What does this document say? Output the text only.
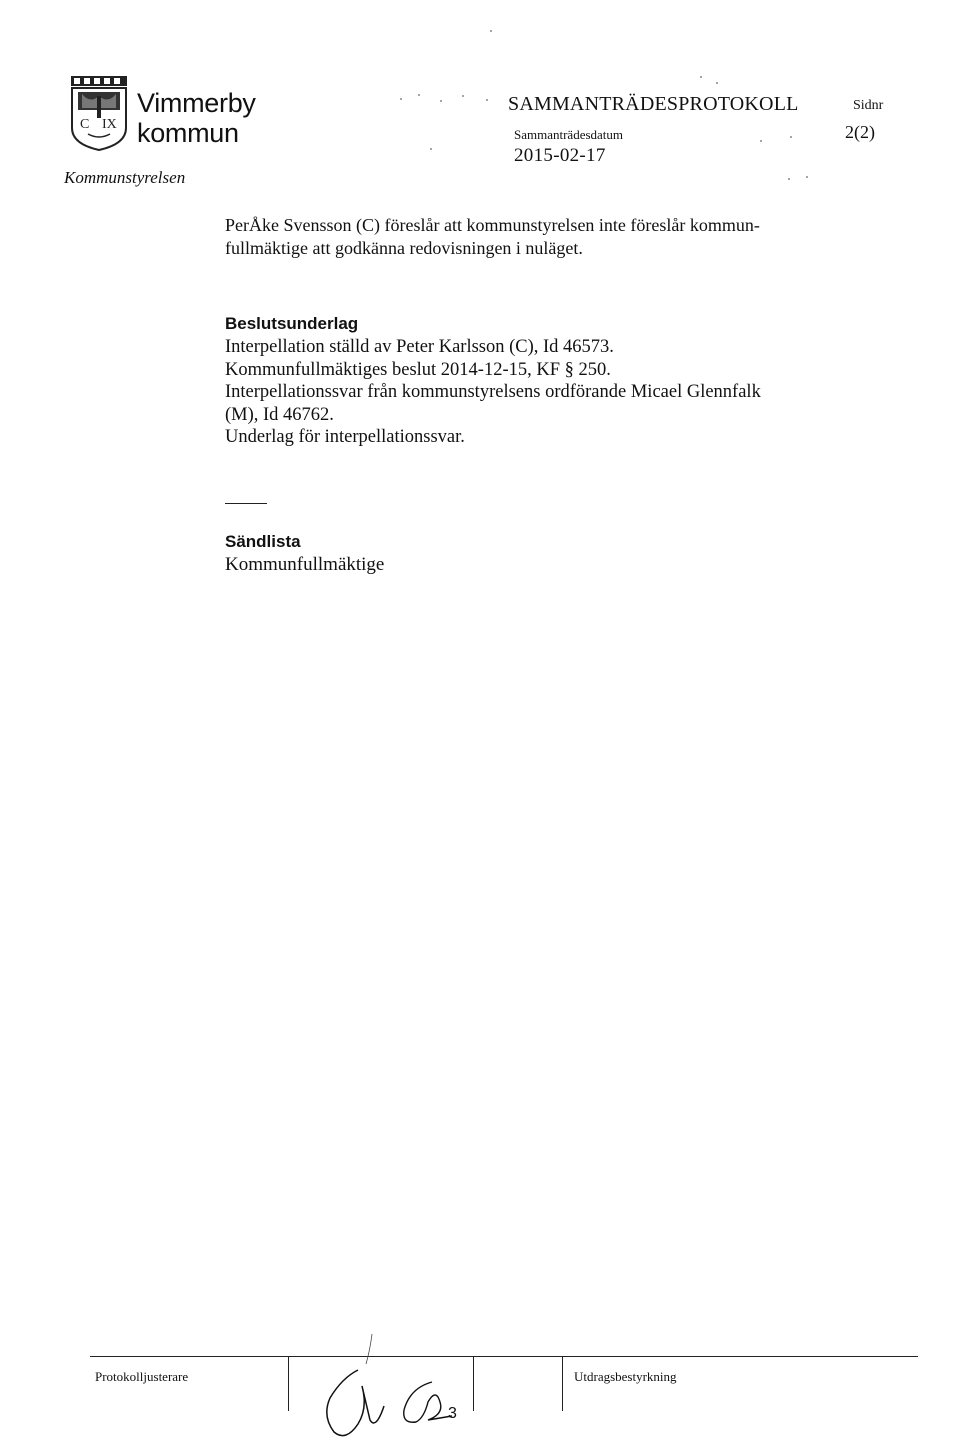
C IX
Vimmerby
kommun
Kommunstyrelsen
SAMMANTRÄDESPROTOKOLL	Sidnr
Sammanträdesdatum	2(2)
2015-02-17
PerÅke Svensson (C) föreslår att kommunstyrelsen inte föreslår kommun-
fullmäktige att godkänna redovisningen i nuläget.
Beslutsunderlag
Interpellation ställd av Peter Karlsson (C), Id 46573.
Kommunfullmäktiges beslut 2014-12-15, KF § 250.
Interpellationssvar från kommunstyrelsens ordförande Micael Glennfalk
(M), Id 46762.
Underlag för interpellationssvar.
Sändlista
Kommunfullmäktige
Protokolljusterare	Utdragsbestyrkning
3
